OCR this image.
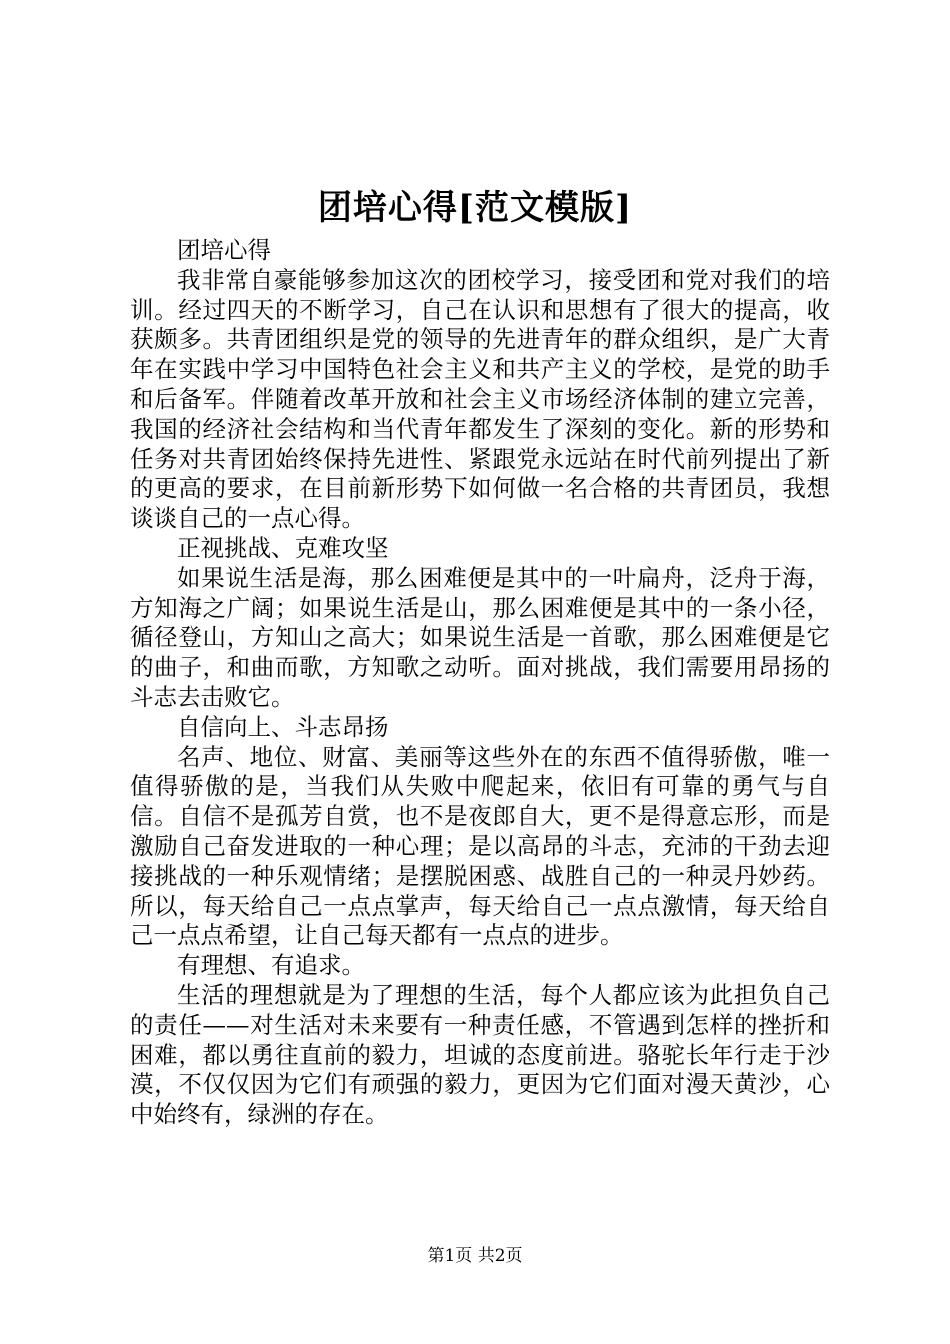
团培心得[范文模版]

团培心得

我非常自豪能够参加这次的团校学习，接受团和党对我们的培训。经过四天的不断学习，自己在认识和思想有了很大的提高，收获颇多。共青团组织是党的领导的先进青年的群众组织，是广大青年在实践中学习中国特色社会主义和共产主义的学校，是党的助手和后备军。伴随着改革开放和社会主义市场经济体制的建立完善，我国的经济社会结构和当代青年都发生了深刻的变化。新的形势和任务对共青团始终保持先进性、紧跟党永远站在时代前列提出了新的更高的要求，在目前新形势下如何做一名合格的共青团员，我想谈谈自己的一点心得。

正视挑战、克难攻坚

如果说生活是海，那么困难便是其中的一叶扁舟，泛舟于海，方知海之广阔；如果说生活是山，那么困难便是其中的一条小径，循径登山，方知山之高大；如果说生活是一首歌，那么困难便是它的曲子，和曲而歌，方知歌之动听。面对挑战，我们需要用昂扬的斗志去击败它。

自信向上、斗志昂扬

名声、地位、财富、美丽等这些外在的东西不值得骄傲，唯一值得骄傲的是，当我们从失败中爬起来，依旧有可靠的勇气与自信。自信不是孤芳自赏，也不是夜郎自大，更不是得意忘形，而是激励自己奋发进取的一种心理；是以高昂的斗志，充沛的干劲去迎接挑战的一种乐观情绪；是摆脱困惑、战胜自己的一种灵丹妙药。所以，每天给自己一点点掌声，每天给自己一点点激情，每天给自己一点点希望，让自己每天都有一点点的进步。

有理想、有追求。

生活的理想就是为了理想的生活，每个人都应该为此担负自己的责任——对生活对未来要有一种责任感，不管遇到怎样的挫折和困难，都以勇往直前的毅力，坦诚的态度前进。骆驼长年行走于沙漠，不仅仅因为它们有顽强的毅力，更因为它们面对漫天黄沙，心中始终有，绿洲的存在。

第1页 共2页
